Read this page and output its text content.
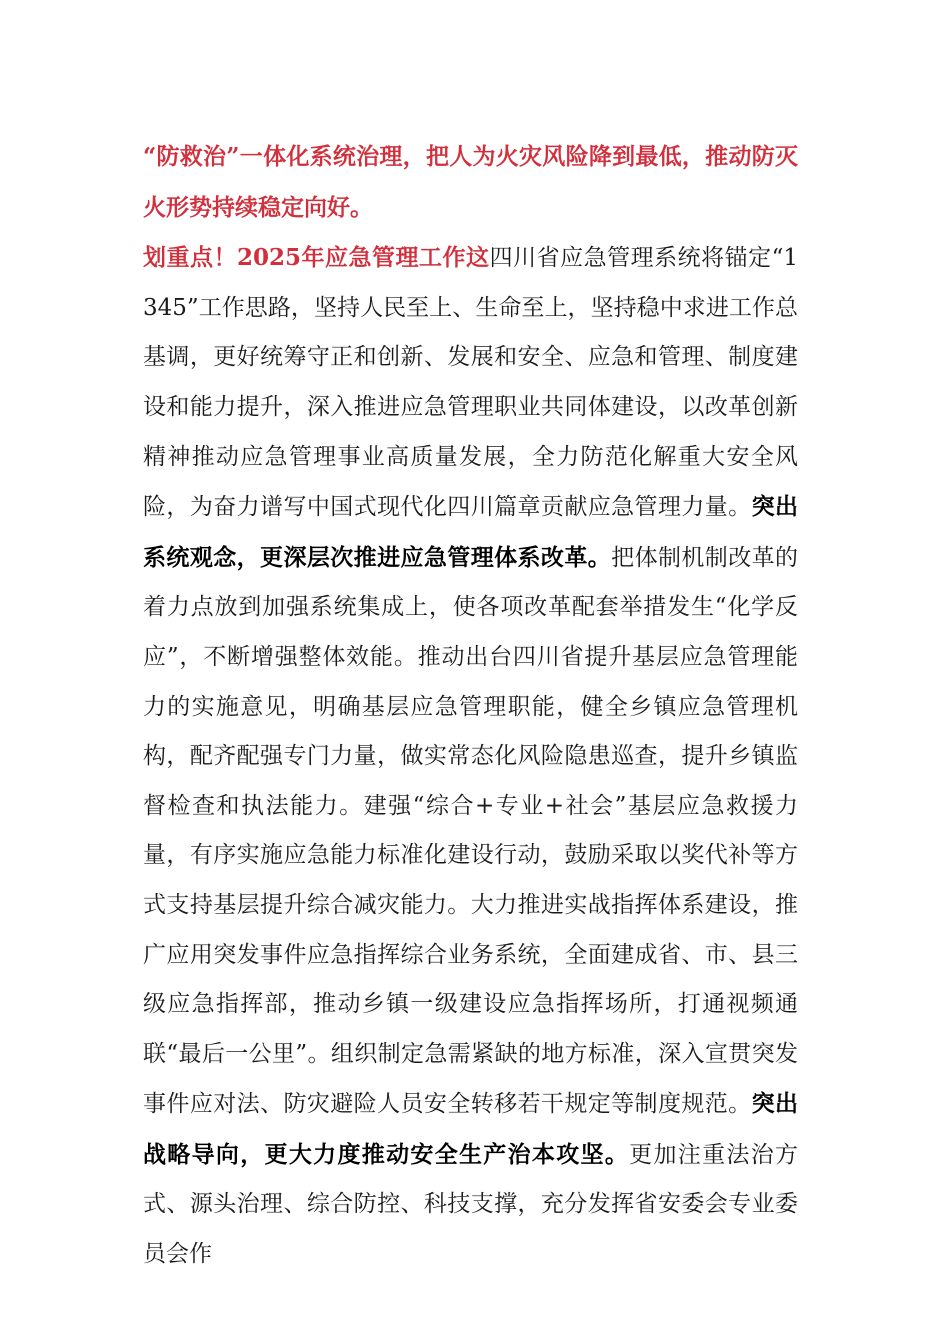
“防救治”一体化系统治理，把人为火灾风险降到最低，推动防灭火形势持续稳定向好。

划重点！2025年应急管理工作这四川省应急管理系统将锚定“1345”工作思路，坚持人民至上、生命至上，坚持稳中求进工作总基调，更好统筹守正和创新、发展和安全、应急和管理、制度建设和能力提升，深入推进应急管理职业共同体建设，以改革创新精神推动应急管理事业高质量发展，全力防范化解重大安全风险，为奋力谱写中国式现代化四川篇章贡献应急管理力量。突出系统观念，更深层次推进应急管理体系改革。把体制机制改革的着力点放到加强系统集成上，使各项改革配套举措发生“化学反应”，不断增强整体效能。推动出台四川省提升基层应急管理能力的实施意见，明确基层应急管理职能，健全乡镇应急管理机构，配齐配强专门力量，做实常态化风险隐患巡查，提升乡镇监督检查和执法能力。建强“综合+专业+社会”基层应急救援力量，有序实施应急能力标准化建设行动，鼓励采取以奖代补等方式支持基层提升综合减灾能力。大力推进实战指挥体系建设，推广应用突发事件应急指挥综合业务系统，全面建成省、市、县三级应急指挥部，推动乡镇一级建设应急指挥场所，打通视频通联“最后一公里”。组织制定急需紧缺的地方标准，深入宣贯突发事件应对法、防灾避险人员安全转移若干规定等制度规范。突出战略导向，更大力度推动安全生产治本攻坚。更加注重法治方式、源头治理、综合防控、科技支撑，充分发挥省安委会专业委员会作
